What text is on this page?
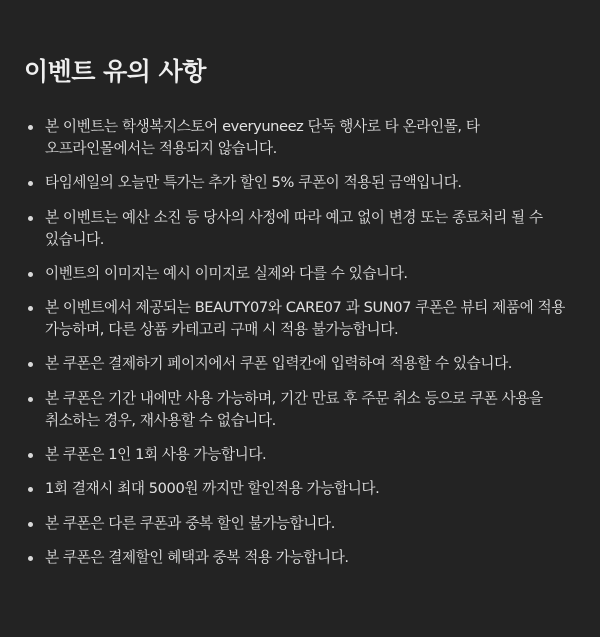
이벤트 유의 사항
본 이벤트는 학생복지스토어 everyuneez 단독 행사로 타 온라인몰, 타 오프라인몰에서는 적용되지 않습니다.
타임세일의 오늘만 특가는 추가 할인 5% 쿠폰이 적용된 금액입니다.
본 이벤트는 예산 소진 등 당사의 사정에 따라 예고 없이 변경 또는 종료처리 될 수 있습니다.
이벤트의 이미지는 예시 이미지로 실제와 다를 수 있습니다.
본 이벤트에서 제공되는 BEAUTY07와 CARE07 과 SUN07 쿠폰은 뷰티 제품에 적용 가능하며, 다른 상품 카테고리 구매 시 적용 불가능합니다.
본 쿠폰은 결제하기 페이지에서 쿠폰 입력칸에 입력하여 적용할 수 있습니다.
본 쿠폰은 기간 내에만 사용 가능하며, 기간 만료 후 주문 취소 등으로 쿠폰 사용을 취소하는 경우, 재사용할 수 없습니다.
본 쿠폰은 1인 1회 사용 가능합니다.
1회 결재시 최대 5000원 까지만 할인적용 가능합니다.
본 쿠폰은 다른 쿠폰과 중복 할인 불가능합니다.
본 쿠폰은 결제할인 혜택과 중복 적용 가능합니다.
